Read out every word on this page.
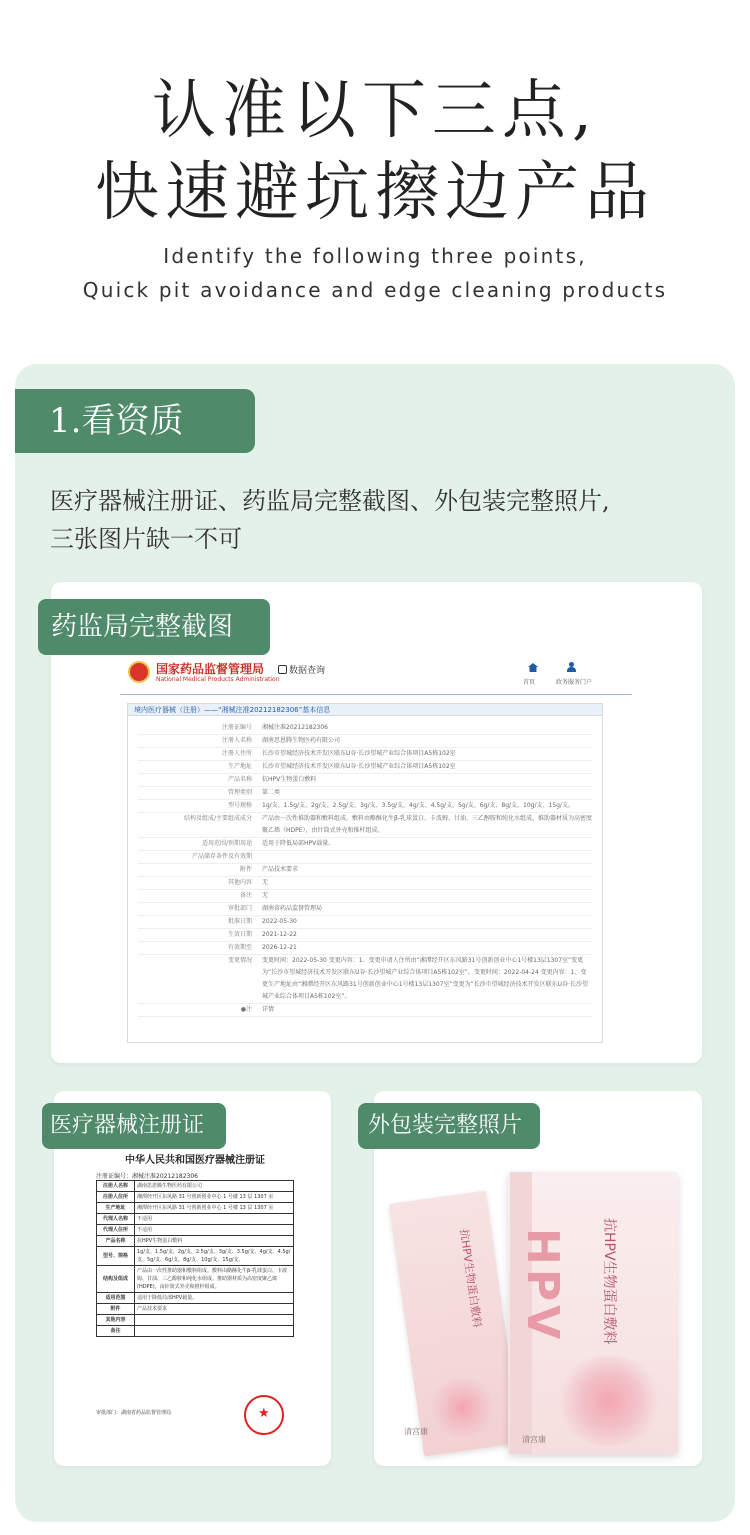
认准以下三点,
快速避坑擦边产品
Identify the following three points,
Quick pit avoidance and edge cleaning products
1.看资质
医疗器械注册证、药监局完整截图、外包装完整照片,
三张图片缺一不可
国家药品监督管理局
National Medical Products Administration
数据查询
首页	政务服务门户
境内医疗器械（注册）——“湘械注准20212182306”基本信息
注册证编号	湘械注准20212182306
注册人名称	湖南思恩腾生物医药有限公司
注册人住所	长沙市望城经济技术开发区联东U谷·长沙望城产业综合体项目A5栋102室
生产地址	长沙市望城经济技术开发区联东U谷·长沙望城产业综合体项目A5栋102室
产品名称	抗HPV生物蛋白敷料
管理类别	第二类
型号规格	1g/支、1.5g/支、2g/支、2.5g/支、3g/支、3.5g/支、4g/支、4.5g/支、5g/支、6g/支、8g/支、10g/支、15g/支。
结构及组成/主要组成成分	产品由一次性推助器和敷料组成。敷料由酪酥化牛β-乳球蛋白、卡波姆、甘油、三乙醇胺和纯化水组成。推助器材质为高密度聚乙烯（HDPE），由针筒式外壳和推杆组成。
适用范围/预期用途	适用于降低局部HPV载量。
产品储存条件及有效期
附件	产品技术要求
其他内容	无
备注	无
审批部门	湖南省药品监督管理局
批准日期	2022-05-30
生效日期	2021-12-22
有效期至	2026-12-21
变更情况	变更时间：2022-05-30 变更内容：1、变更申请人住所由“湘潭经开区东风路31号创新创业中心1号楼13层1307室”变更为“长沙市望城经济技术开发区联东U谷·长沙望城产业综合体项目A5栋102室”。变更时间：2022-04-24 变更内容：1、变更生产地址由“湘潭经开区东风路31号创新创业中心1号楼13层1307室”变更为“长沙市望城经济技术开发区联东U谷·长沙望城产业综合体项目A5栋102室”。
●注	详情
中华人民共和国医疗器械注册证
注册证编号：湘械注准20212182306
注册人名称	湖南思恩腾生物医药有限公司
注册人住所	湘潭经开区东风路 31 号创新创业中心 1 号楼 13 层 1307 室
生产地址	湘潭经开区东风路 31 号创新创业中心 1 号楼 13 层 1307 室
代理人名称	不适用
代理人住所	不适用
产品名称	抗HPV生物蛋白敷料
型号、规格	1g/支、1.5g/支、2g/支、2.5g/支、3g/支、3.5g/支、4g/支、4.5g/支、5g/支、6g/支、8g/支、10g/支、15g/支。
结构及组成	产品由一次性推助器和敷料组成。敷料由酪酥化牛β-乳球蛋白、卡波姆、甘油、三乙醇胺和纯化水组成。推助器材质为高密度聚乙烯(HDPE)，由针筒式外壳和推杆组成。
适用范围	适用于降低局部HPV载量。
附件	产品技术要求
其他内容	
备注	
审批部门：湖南省药品监督管理局
★
HPV 抗HPV生物蛋白敷料
抗HPV生物蛋白敷料
清宫康
清宫康
药监局完整截图
医疗器械注册证	外包装完整照片
